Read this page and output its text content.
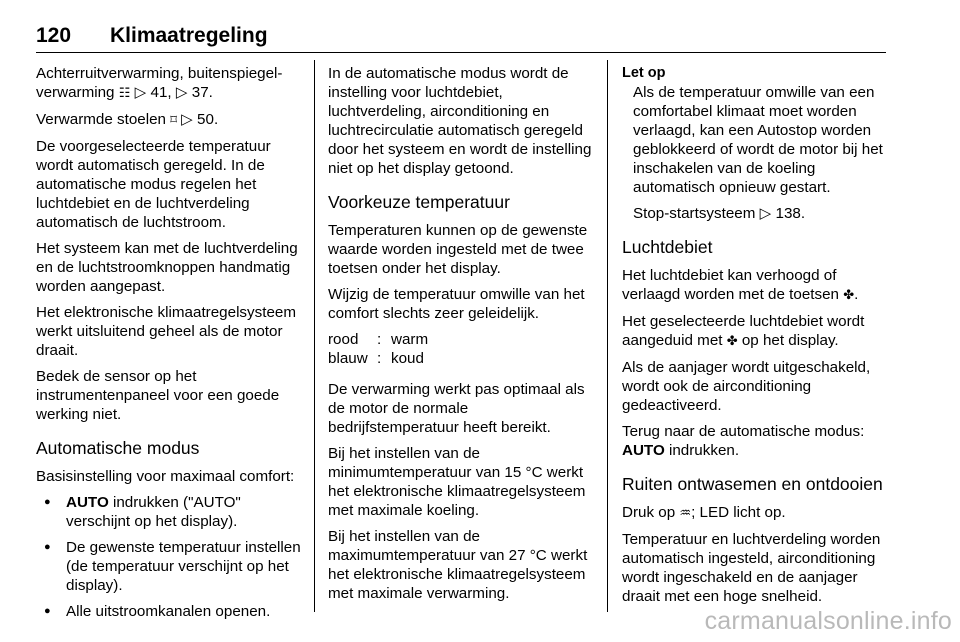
120 Klimaatregeling

Achterruitverwarming, buitenspiegel-verwarming ☷ ▷ 41, ▷ 37.

Verwarmde stoelen ⌑ ▷ 50.

De voorgeselecteerde temperatuur wordt automatisch geregeld. In de automatische modus regelen het luchtdebiet en de luchtverdeling automatisch de luchtstroom.

Het systeem kan met de luchtverdeling en de luchtstroomknoppen handmatig worden aangepast.

Het elektronische klimaatregelsysteem werkt uitsluitend geheel als de motor draait.

Bedek de sensor op het instrumentenpaneel voor een goede werking niet.

Automatische modus

Basisinstelling voor maximaal comfort:

● AUTO indrukken ("AUTO" verschijnt op het display).
● De gewenste temperatuur instellen (de temperatuur verschijnt op het display).
● Alle uitstroomkanalen openen.

In de automatische modus wordt de instelling voor luchtdebiet, luchtverdeling, airconditioning en luchtrecirculatie automatisch geregeld door het systeem en wordt de instelling niet op het display getoond.

Voorkeuze temperatuur

Temperaturen kunnen op de gewenste waarde worden ingesteld met de twee toetsen onder het display.

Wijzig de temperatuur omwille van het comfort slechts zeer geleidelijk.

rood	:	warm
blauw	:	koud

De verwarming werkt pas optimaal als de motor de normale bedrijfstemperatuur heeft bereikt.

Bij het instellen van de minimumtemperatuur van 15 °C werkt het elektronische klimaatregelsysteem met maximale koeling.

Bij het instellen van de maximumtemperatuur van 27 °C werkt het elektronische klimaatregelsysteem met maximale verwarming.

Let op

Als de temperatuur omwille van een comfortabel klimaat moet worden verlaagd, kan een Autostop worden geblokkeerd of wordt de motor bij het inschakelen van de koeling automatisch opnieuw gestart.

Stop-startsysteem ▷ 138.

Luchtdebiet

Het luchtdebiet kan verhoogd of verlaagd worden met de toetsen ✤.

Het geselecteerde luchtdebiet wordt aangeduid met ✤ op het display.

Als de aanjager wordt uitgeschakeld, wordt ook de airconditioning gedeactiveerd.

Terug naar de automatische modus:
AUTO indrukken.

Ruiten ontwasemen en ontdooien

Druk op ♒; LED licht op.

Temperatuur en luchtverdeling worden automatisch ingesteld, airconditioning wordt ingeschakeld en de aanjager draait met een hoge snelheid.

carmanualsonline.info
